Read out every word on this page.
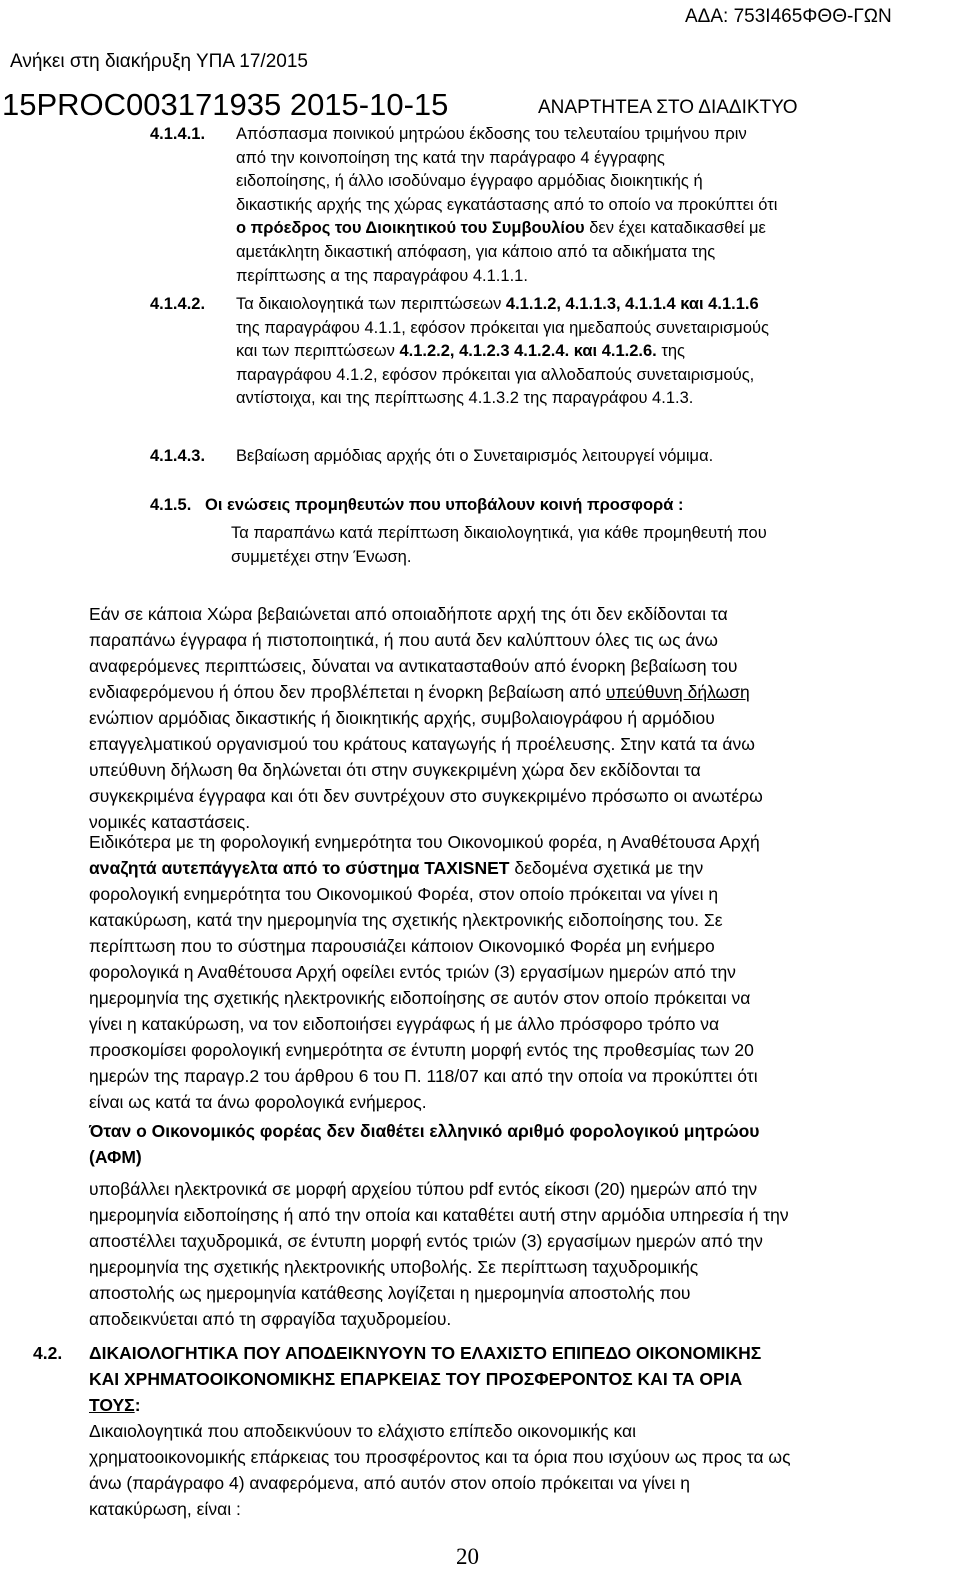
ΑΔΑ: 753Ι465ΦΘΘ-ΓΩΝ
Ανήκει στη διακήρυξη ΥΠΑ 17/2015
15PROC003171935 2015-10-15	ΑΝΑΡΤΗΤΕΑ ΣΤΟ ΔΙΑΔΙΚΤΥΟ
4.1.4.1. Απόσπασμα ποινικού μητρώου έκδοσης του τελευταίου τριμήνου πριν

από την κοινοποίηση της κατά την παράγραφο 4 έγγραφης

ειδοποίησης, ή άλλο ισοδύναμο έγγραφο αρμόδιας διοικητικής ή

δικαστικής αρχής της χώρας εγκατάστασης από το οποίο να προκύπτει ότι

ο πρόεδρος του Διοικητικού του Συμβουλίου δεν έχει καταδικασθεί με

αμετάκλητη δικαστική απόφαση, για κάποιο από τα αδικήματα της

περίπτωσης α της παραγράφου 4.1.1.1.

4.1.4.2. Τα δικαιολογητικά των περιπτώσεων 4.1.1.2, 4.1.1.3, 4.1.1.4 και 4.1.1.6

της παραγράφου 4.1.1, εφόσον πρόκειται για ημεδαπούς συνεταιρισμούς

και των περιπτώσεων 4.1.2.2, 4.1.2.3 4.1.2.4. και 4.1.2.6. της

παραγράφου 4.1.2, εφόσον πρόκειται για αλλοδαπούς συνεταιρισμούς,

αντίστοιχα, και της περίπτωσης 4.1.3.2 της παραγράφου 4.1.3.

4.1.4.3. Βεβαίωση αρμόδιας αρχής ότι ο Συνεταιρισμός λειτουργεί νόμιμα.
4.1.5. Οι ενώσεις προμηθευτών που υποβάλουν κοινή προσφορά :

Τα παραπάνω κατά περίπτωση δικαιολογητικά, για κάθε προμηθευτή που

συμμετέχει στην Ένωση.

Εάν σε κάποια Χώρα βεβαιώνεται από οποιαδήποτε αρχή της ότι δεν εκδίδονται τα

παραπάνω έγγραφα ή πιστοποιητικά, ή που αυτά δεν καλύπτουν όλες τις ως άνω

αναφερόμενες περιπτώσεις, δύναται να αντικατασταθούν από ένορκη βεβαίωση του

ενδιαφερόμενου ή όπου δεν προβλέπεται η ένορκη βεβαίωση από υπεύθυνη δήλωση

ενώπιον αρμόδιας δικαστικής ή διοικητικής αρχής, συμβολαιογράφου ή αρμόδιου

επαγγελματικού οργανισμού του κράτους καταγωγής ή προέλευσης. Στην κατά τα άνω

υπεύθυνη δήλωση θα δηλώνεται ότι στην συγκεκριμένη χώρα δεν εκδίδονται τα

συγκεκριμένα έγγραφα και ότι δεν συντρέχουν στο συγκεκριμένο πρόσωπο οι ανωτέρω

νομικές καταστάσεις.

Ειδικότερα με τη φορολογική ενημερότητα του Οικονομικού φορέα, η Αναθέτουσα Αρχή

αναζητά αυτεπάγγελτα από το σύστημα TAXISNET δεδομένα σχετικά με την

φορολογική ενημερότητα του Οικονομικού Φορέα, στον οποίο πρόκειται να γίνει η

κατακύρωση, κατά την ημερομηνία της σχετικής ηλεκτρονικής ειδοποίησης του. Σε

περίπτωση που το σύστημα παρουσιάζει κάποιον Οικονομικό Φορέα μη ενήμερο

φορολογικά η Αναθέτουσα Αρχή οφείλει εντός τριών (3) εργασίμων ημερών από την

ημερομηνία της σχετικής ηλεκτρονικής ειδοποίησης σε αυτόν στον οποίο πρόκειται να

γίνει η κατακύρωση, να τον ειδοποιήσει εγγράφως ή με άλλο πρόσφορο τρόπο να

προσκομίσει φορολογική ενημερότητα σε έντυπη μορφή εντός της προθεσμίας των 20

ημερών της παραγρ.2 του άρθρου 6 του Π. 118/07 και από την οποία να προκύπτει ότι

είναι ως κατά τα άνω φορολογικά ενήμερος.

Όταν ο Οικονομικός φορέας δεν διαθέτει ελληνικό αριθμό φορολογικού μητρώου

(ΑΦΜ)

υποβάλλει ηλεκτρονικά σε μορφή αρχείου τύπου pdf εντός είκοσι (20) ημερών από την

ημερομηνία ειδοποίησης ή από την οποία και καταθέτει αυτή στην αρμόδια υπηρεσία ή την

αποστέλλει ταχυδρομικά, σε έντυπη μορφή εντός τριών (3) εργασίμων ημερών από την

ημερομηνία της σχετικής ηλεκτρονικής υποβολής. Σε περίπτωση ταχυδρομικής

αποστολής ως ημερομηνία κατάθεσης λογίζεται η ημερομηνία αποστολής που

αποδεικνύεται από τη σφραγίδα ταχυδρομείου.

4.2. ΔΙΚΑΙΟΛΟΓΗΤΙΚΑ ΠΟΥ ΑΠΟΔΕΙΚΝΥΟΥΝ ΤΟ ΕΛΑΧΙΣΤΟ ΕΠΙΠΕΔΟ ΟΙΚΟΝΟΜΙΚΗΣ

ΚΑΙ ΧΡΗΜΑΤΟΟΙΚΟΝΟΜΙΚΗΣ ΕΠΑΡΚΕΙΑΣ ΤΟΥ ΠΡΟΣΦΕΡΟΝΤΟΣ ΚΑΙ ΤΑ ΟΡΙΑ

ΤΟΥΣ:

Δικαιολογητικά που αποδεικνύουν το ελάχιστο επίπεδο οικονομικής και

χρηματοοικονομικής επάρκειας του προσφέροντος και τα όρια που ισχύουν ως προς τα ως

άνω (παράγραφο 4) αναφερόμενα, από αυτόν στον οποίο πρόκειται να γίνει η

κατακύρωση, είναι :

20
